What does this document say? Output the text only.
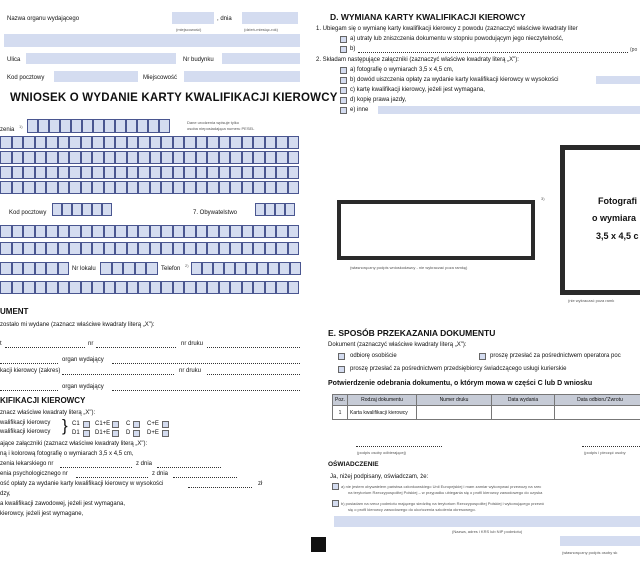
Nazwa organu wydającego	, dnia
(miejscowość)	(dzień-miesiąc-rok)
Ulica	Nr budynku
Kod pocztowy	Miejscowość
WNIOSEK O WYDANIE KARTY KWALIFIKACJI KIEROWCY
zenia
1)
Dane urodzenia wpisuje tylko
osoba nieposiadająca numeru PESEL
Kod pocztowy	7. Obywatelstwo
Nr lokalu	Telefon
2)
UMENT
zostało mi wydane (zaznacz właściwe kwadraty literą „X"):
t	nr	nr druku
organ wydający
kacji kierowcy (zakres)	nr druku
organ wydający
KIFIKACJI KIEROWCY
znacz właściwe kwadraty literą „X"):
walifikacji kierowcy
walifikacji kierowcy } C1	C1+E	C	C+E
D1	D1+E	D	D+E
ające załączniki (zaznacz właściwe kwadraty literą „X"):
ną i kolorową fotografię o wymiarach 3,5 x 4,5 cm,
zenia lekarskiego nr	z dnia
enia psychologicznego nr	z dnia
ość opłaty za wydanie karty kwalifikacji kierowcy w wysokości	zł
dzy,
a kwalifikacji zawodowej, jeżeli jest wymagana,
kierowcy, jeżeli jest wymagane,
D. WYMIANA KARTY KWALIFIKACJI KIEROWCY
1. Ubiegam się o wymianę karty kwalifikacji kierowcy z powodu (zaznaczyć właściwe kwadraty liter
a) utraty lub zniszczenia dokumentu w stopniu powodującym jego nieczytelność,
b)	(po
2. Składam następujące załączniki (zaznaczyć właściwe kwadraty literą „X"):
a) fotografię o wymiarach 3,5 x 4,5 cm,
b) dowód uiszczenia opłaty za wydanie karty kwalifikacji kierowcy w wysokości
c) kartę kwalifikacji kierowcy, jeżeli jest wymagana,
d) kopię prawa jazdy,
e) inne
3)
(własnoręczny podpis wnioskodawcy - nie wykraczać poza ramkę)
Fotografi
o wymiara
3,5 x 4,5 c
(nie wykraczać poza ramk
E. SPOSÓB PRZEKAZANIA DOKUMENTU
Dokument (zaznaczyć właściwe kwadraty literą „X"):
odbiorę osobiście	proszę przesłać za pośrednictwem operatora poc
proszę przesłać za pośrednictwem przedsiębiorcy świadczącego usługi kurierskie
Potwierdzenie odebrania dokumentu, o którym mowa w części C lub D wniosku
Poz.	Rodzaj dokumentu	Numer druku	Data wydania	Data odbioru"Zwrotu
1	Karta kwalifikacji kierowcy			
(podpis osoby odbierającej)	(podpis i pieczęć osoby
OŚWIADCZENIE
Ja, niżej podpisany, oświadczam, że:
a) nie jestem obywatelem państwa członkowskiego Unii Europejskiej i mam zamiar wykonywać przewozy na rzec
na terytorium Rzeczypospolitej Polskiej – w przypadku ubiegania się o profil kierowcy zawodowego do uzyska
b) posiadam na rzecz podmiotu mającego siedzibę na terytorium Rzeczypospolitej Polskiej i wykonującego przewó
się o profil kierowcy zawodowego do ukończenia szkolenia okresowego.
(Nazwa, adres i KRS lub NIP podmiotu)
(własnoręczny podpis osoby sk
